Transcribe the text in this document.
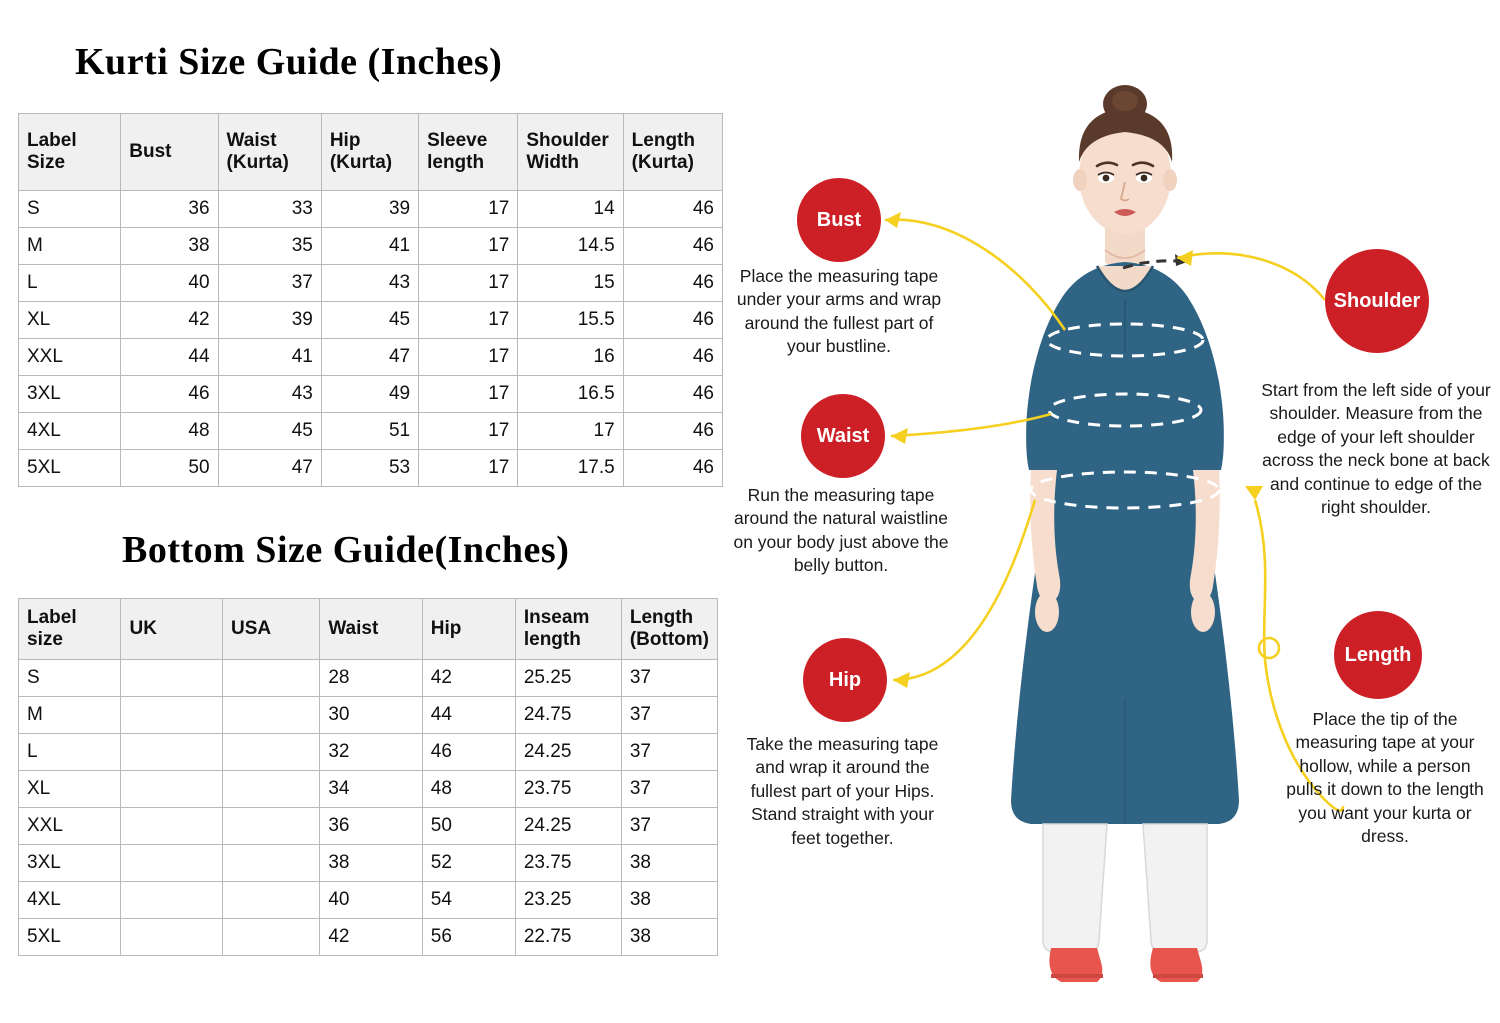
Kurti Size Guide (Inches)
Label Size	Bust	Waist (Kurta)	Hip (Kurta)	Sleeve length	Shoulder Width	Length (Kurta)
S	36	33	39	17	14	46
M	38	35	41	17	14.5	46
L	40	37	43	17	15	46
XL	42	39	45	17	15.5	46
XXL	44	41	47	17	16	46
3XL	46	43	49	17	16.5	46
4XL	48	45	51	17	17	46
5XL	50	47	53	17	17.5	46
Bottom Size Guide(Inches)
Label size	UK	USA	Waist	Hip	Inseam length	Length (Bottom)
S			28	42	25.25	37
M			30	44	24.75	37
L			32	46	24.25	37
XL			34	48	23.75	37
XXL			36	50	24.25	37
3XL			38	52	23.75	38
4XL			40	54	23.25	38
5XL			42	56	22.75	38
Bust
Place the measuring tape under your arms and wrap around the fullest part of your bustline.
Waist
Run the measuring tape around the natural waistline on your body just above the belly button.
Hip
Take the measuring tape and wrap it around the fullest part of your Hips. Stand straight with your feet together.
Shoulder
Start from the left side of your shoulder. Measure from the edge of your left shoulder across the neck bone at back and continue to edge of the right shoulder.
Length
Place the tip of the measuring tape at your hollow, while a person pulls it down to the length you want your kurta or dress.
